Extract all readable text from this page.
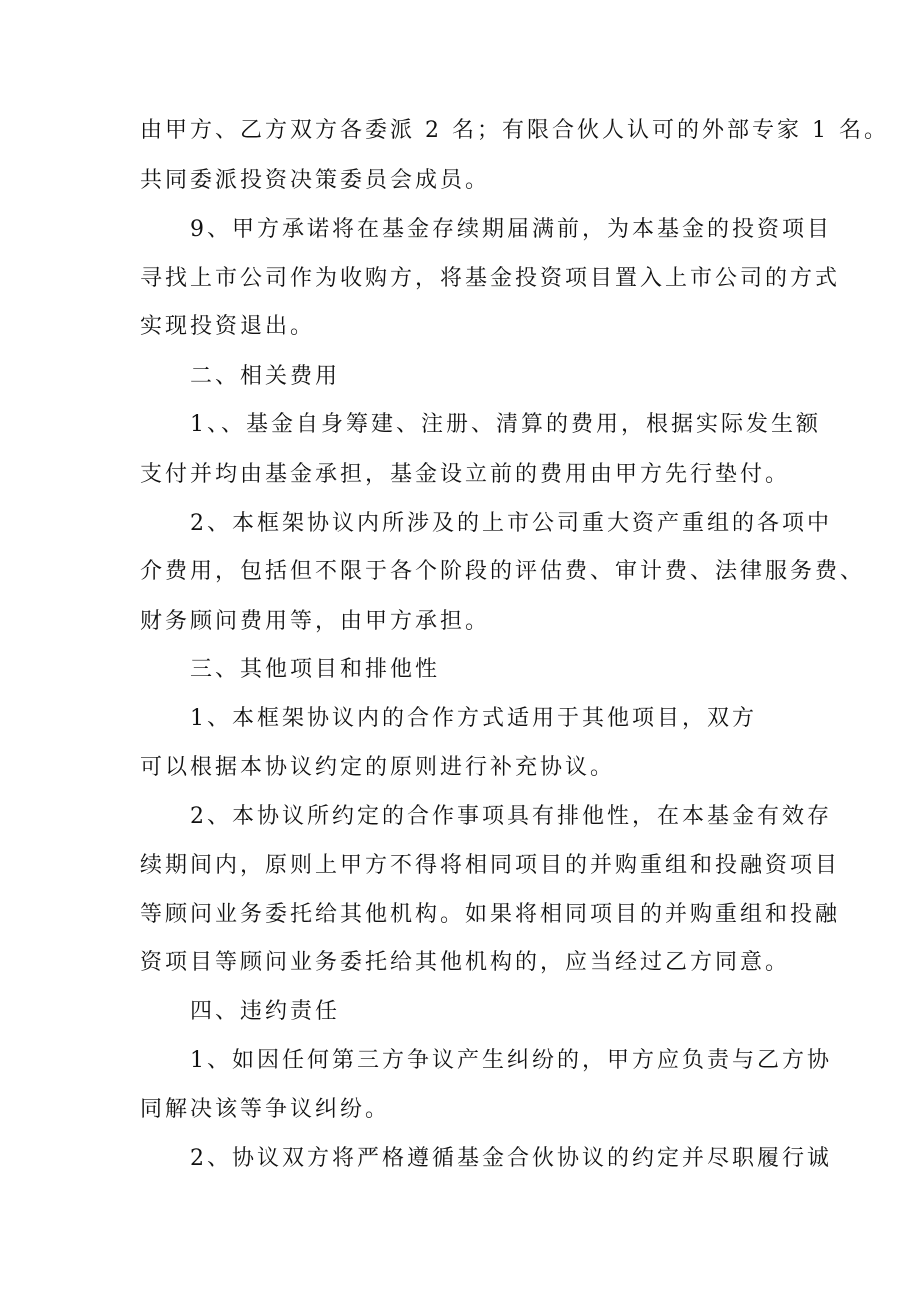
由甲方、乙方双方各委派 2 名；有限合伙人认可的外部专家 1 名。
共同委派投资决策委员会成员。
9、甲方承诺将在基金存续期届满前，为本基金的投资项目
寻找上市公司作为收购方，将基金投资项目置入上市公司的方式
实现投资退出。
二、相关费用
1、、基金自身筹建、注册、清算的费用，根据实际发生额
支付并均由基金承担，基金设立前的费用由甲方先行垫付。
2、本框架协议内所涉及的上市公司重大资产重组的各项中
介费用，包括但不限于各个阶段的评估费、审计费、法律服务费、
财务顾问费用等，由甲方承担。
三、其他项目和排他性
1、本框架协议内的合作方式适用于其他项目，双方
可以根据本协议约定的原则进行补充协议。
2、本协议所约定的合作事项具有排他性，在本基金有效存
续期间内，原则上甲方不得将相同项目的并购重组和投融资项目
等顾问业务委托给其他机构。如果将相同项目的并购重组和投融
资项目等顾问业务委托给其他机构的，应当经过乙方同意。
四、违约责任
1、如因任何第三方争议产生纠纷的，甲方应负责与乙方协
同解决该等争议纠纷。
2、协议双方将严格遵循基金合伙协议的约定并尽职履行诚
